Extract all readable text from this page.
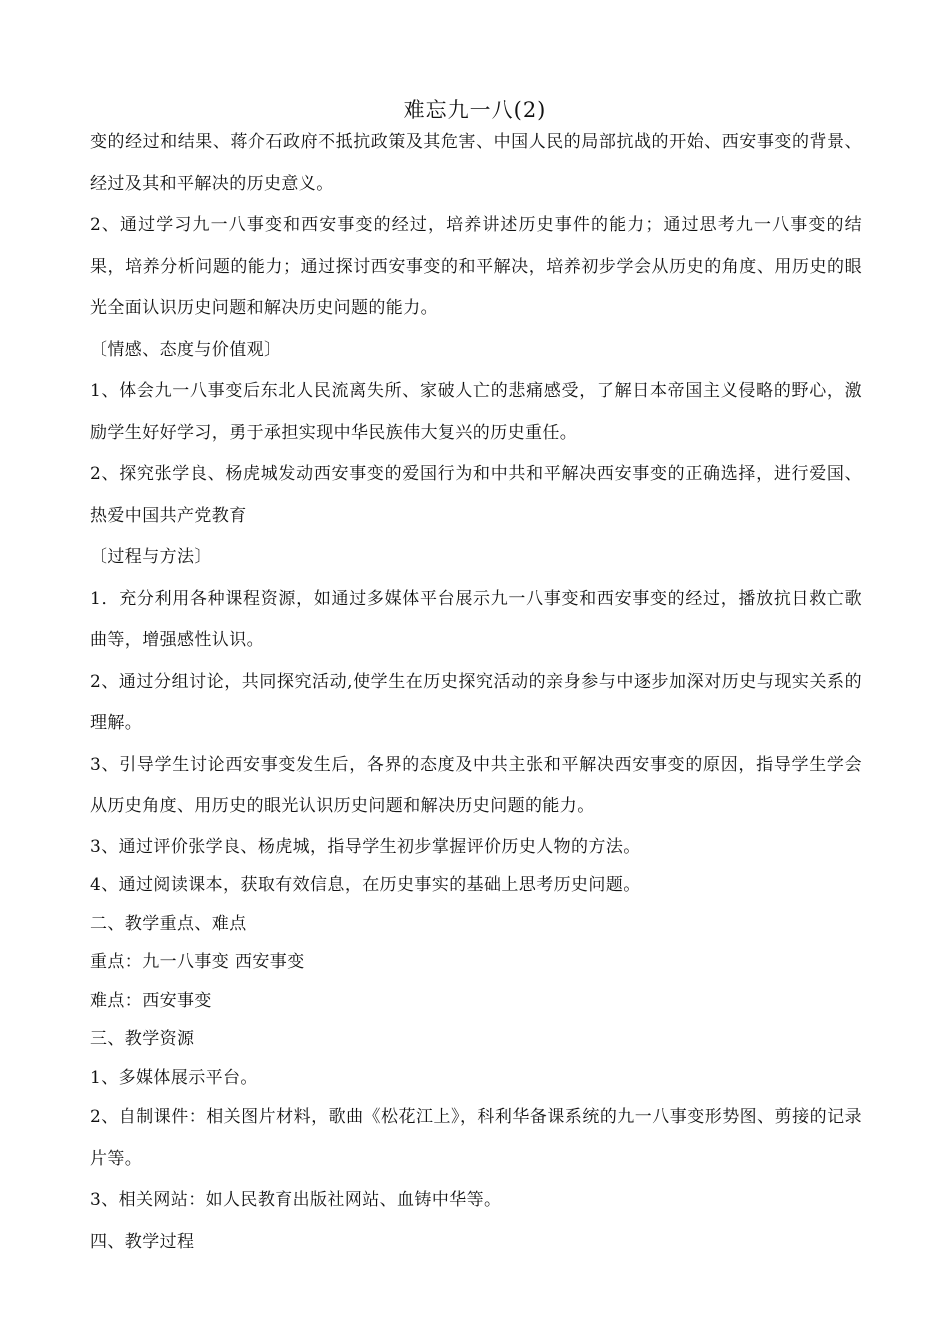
难忘九一八(2)

变的经过和结果、蒋介石政府不抵抗政策及其危害、中国人民的局部抗战的开始、西安事变的背景、经过及其和平解决的历史意义。

2、通过学习九一八事变和西安事变的经过，培养讲述历史事件的能力；通过思考九一八事变的结果，培养分析问题的能力；通过探讨西安事变的和平解决，培养初步学会从历史的角度、用历史的眼光全面认识历史问题和解决历史问题的能力。

〔情感、态度与价值观〕

1、体会九一八事变后东北人民流离失所、家破人亡的悲痛感受，了解日本帝国主义侵略的野心，激励学生好好学习，勇于承担实现中华民族伟大复兴的历史重任。

2、探究张学良、杨虎城发动西安事变的爱国行为和中共和平解决西安事变的正确选择，进行爱国、热爱中国共产党教育

〔过程与方法〕

1．充分利用各种课程资源，如通过多媒体平台展示九一八事变和西安事变的经过，播放抗日救亡歌曲等，增强感性认识。

2、通过分组讨论，共同探究活动,使学生在历史探究活动的亲身参与中逐步加深对历史与现实关系的理解。

3、引导学生讨论西安事变发生后，各界的态度及中共主张和平解决西安事变的原因，指导学生学会从历史角度、用历史的眼光认识历史问题和解决历史问题的能力。

3、通过评价张学良、杨虎城，指导学生初步掌握评价历史人物的方法。

4、通过阅读课本，获取有效信息，在历史事实的基础上思考历史问题。

二、教学重点、难点

重点：九一八事变 西安事变

难点：西安事变

三、教学资源

1、多媒体展示平台。

2、自制课件：相关图片材料，歌曲《松花江上》，科利华备课系统的九一八事变形势图、剪接的记录片等。

3、相关网站：如人民教育出版社网站、血铸中华等。

四、教学过程
